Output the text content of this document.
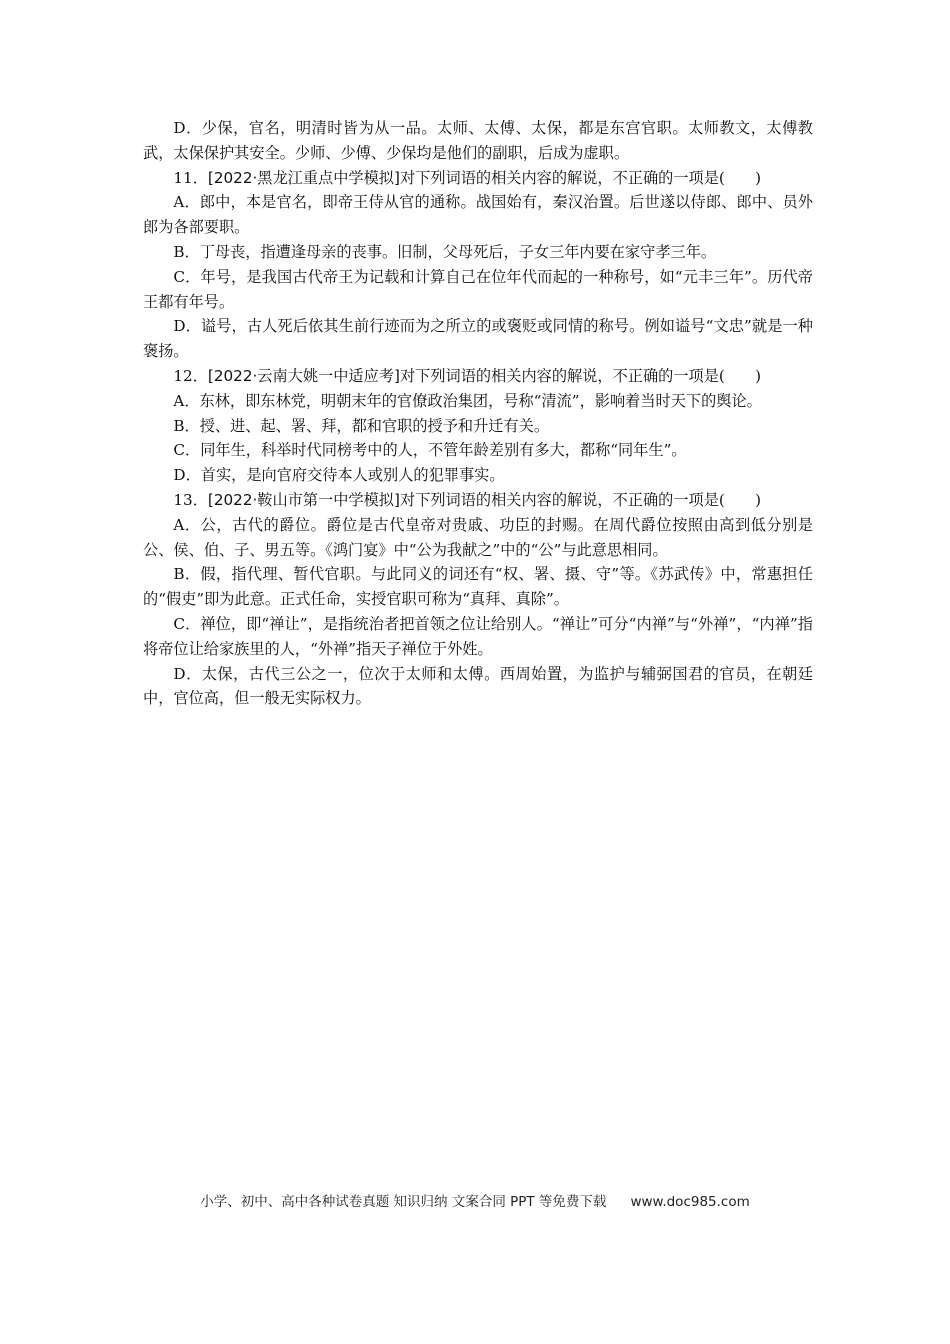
D．少保，官名，明清时皆为从一品。太师、太傅、太保，都是东宫官职。太师教文，太傅教武，太保保护其安全。少师、少傅、少保均是他们的副职，后成为虚职。

11．[2022·黑龙江重点中学模拟]对下列词语的相关内容的解说，不正确的一项是(　　)

A．郎中，本是官名，即帝王侍从官的通称。战国始有，秦汉治置。后世遂以侍郎、郎中、员外郎为各部要职。

B．丁母丧，指遭逢母亲的丧事。旧制，父母死后，子女三年内要在家守孝三年。

C．年号，是我国古代帝王为记载和计算自己在位年代而起的一种称号，如“元丰三年”。历代帝王都有年号。

D．谥号，古人死后依其生前行迹而为之所立的或褒贬或同情的称号。例如谥号“文忠”就是一种褒扬。

12．[2022·云南大姚一中适应考]对下列词语的相关内容的解说，不正确的一项是(　　)

A．东林，即东林党，明朝末年的官僚政治集团，号称“清流”，影响着当时天下的舆论。

B．授、进、起、署、拜，都和官职的授予和升迁有关。

C．同年生，科举时代同榜考中的人，不管年龄差别有多大，都称“同年生”。

D．首实，是向官府交待本人或别人的犯罪事实。

13．[2022·鞍山市第一中学模拟]对下列词语的相关内容的解说，不正确的一项是(　　)

A．公，古代的爵位。爵位是古代皇帝对贵戚、功臣的封赐。在周代爵位按照由高到低分别是公、侯、伯、子、男五等。《鸿门宴》中“公为我献之”中的“公”与此意思相同。

B．假，指代理、暂代官职。与此同义的词还有“权、署、摄、守”等。《苏武传》中，常惠担任的“假吏”即为此意。正式任命，实授官职可称为“真拜、真除”。

C．禅位，即“禅让”，是指统治者把首领之位让给别人。“禅让”可分“内禅”与“外禅”，“内禅”指将帝位让给家族里的人，“外禅”指天子禅位于外姓。

D．太保，古代三公之一，位次于太师和太傅。西周始置，为监护与辅弼国君的官员，在朝廷中，官位高，但一般无实际权力。

小学、初中、高中各种试卷真题 知识归纳 文案合同 PPT 等免费下载 www.doc985.com
